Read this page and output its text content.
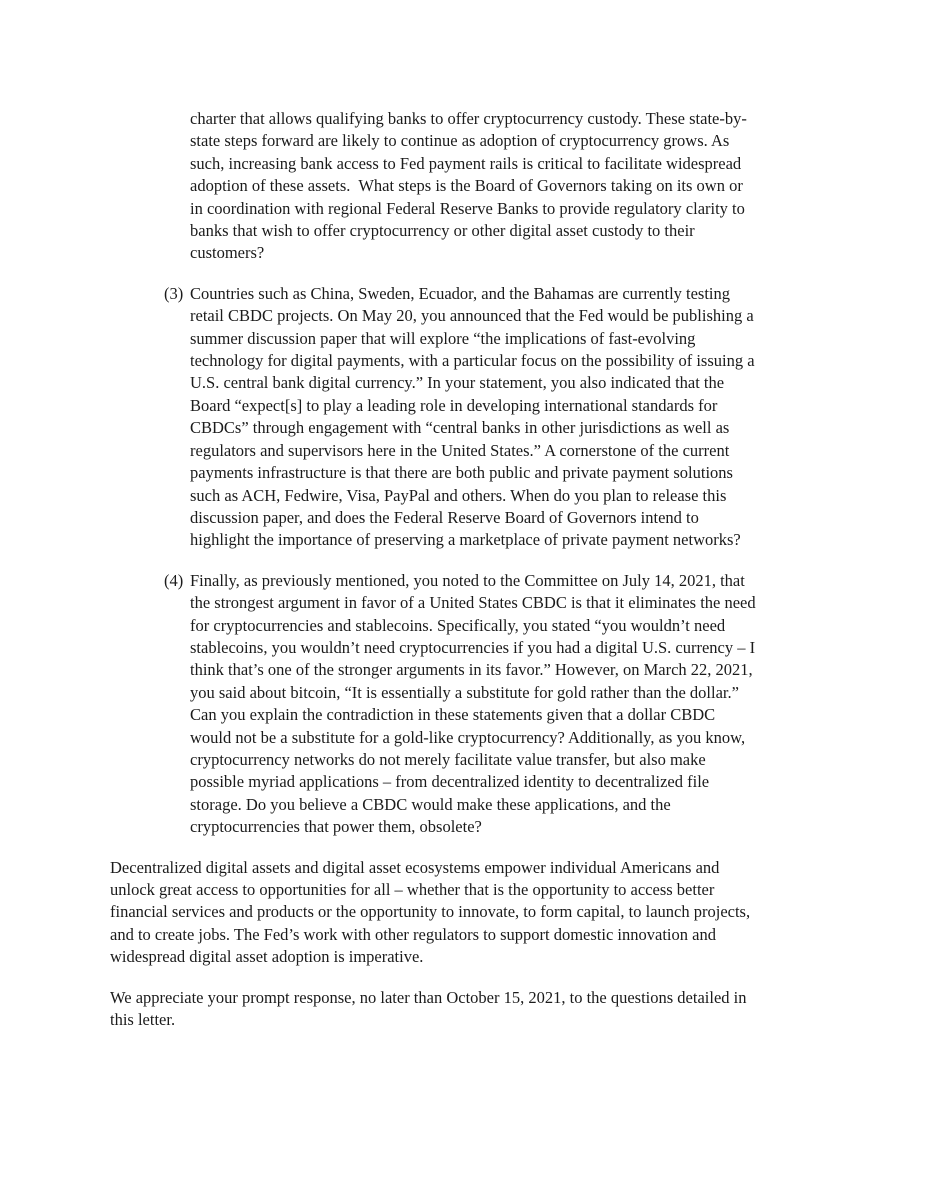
charter that allows qualifying banks to offer cryptocurrency custody. These state-by-
state steps forward are likely to continue as adoption of cryptocurrency grows. As
such, increasing bank access to Fed payment rails is critical to facilitate widespread
adoption of these assets.  What steps is the Board of Governors taking on its own or
in coordination with regional Federal Reserve Banks to provide regulatory clarity to
banks that wish to offer cryptocurrency or other digital asset custody to their
customers?
(3) Countries such as China, Sweden, Ecuador, and the Bahamas are currently testing
retail CBDC projects. On May 20, you announced that the Fed would be publishing a
summer discussion paper that will explore “the implications of fast-evolving
technology for digital payments, with a particular focus on the possibility of issuing a
U.S. central bank digital currency.” In your statement, you also indicated that the
Board “expect[s] to play a leading role in developing international standards for
CBDCs” through engagement with “central banks in other jurisdictions as well as
regulators and supervisors here in the United States.” A cornerstone of the current
payments infrastructure is that there are both public and private payment solutions
such as ACH, Fedwire, Visa, PayPal and others. When do you plan to release this
discussion paper, and does the Federal Reserve Board of Governors intend to
highlight the importance of preserving a marketplace of private payment networks?
(4) Finally, as previously mentioned, you noted to the Committee on July 14, 2021, that
the strongest argument in favor of a United States CBDC is that it eliminates the need
for cryptocurrencies and stablecoins. Specifically, you stated “you wouldn’t need
stablecoins, you wouldn’t need cryptocurrencies if you had a digital U.S. currency – I
think that’s one of the stronger arguments in its favor.” However, on March 22, 2021,
you said about bitcoin, “It is essentially a substitute for gold rather than the dollar.”
Can you explain the contradiction in these statements given that a dollar CBDC
would not be a substitute for a gold-like cryptocurrency? Additionally, as you know,
cryptocurrency networks do not merely facilitate value transfer, but also make
possible myriad applications – from decentralized identity to decentralized file
storage. Do you believe a CBDC would make these applications, and the
cryptocurrencies that power them, obsolete?
Decentralized digital assets and digital asset ecosystems empower individual Americans and
unlock great access to opportunities for all – whether that is the opportunity to access better
financial services and products or the opportunity to innovate, to form capital, to launch projects,
and to create jobs. The Fed’s work with other regulators to support domestic innovation and
widespread digital asset adoption is imperative.
We appreciate your prompt response, no later than October 15, 2021, to the questions detailed in
this letter.
